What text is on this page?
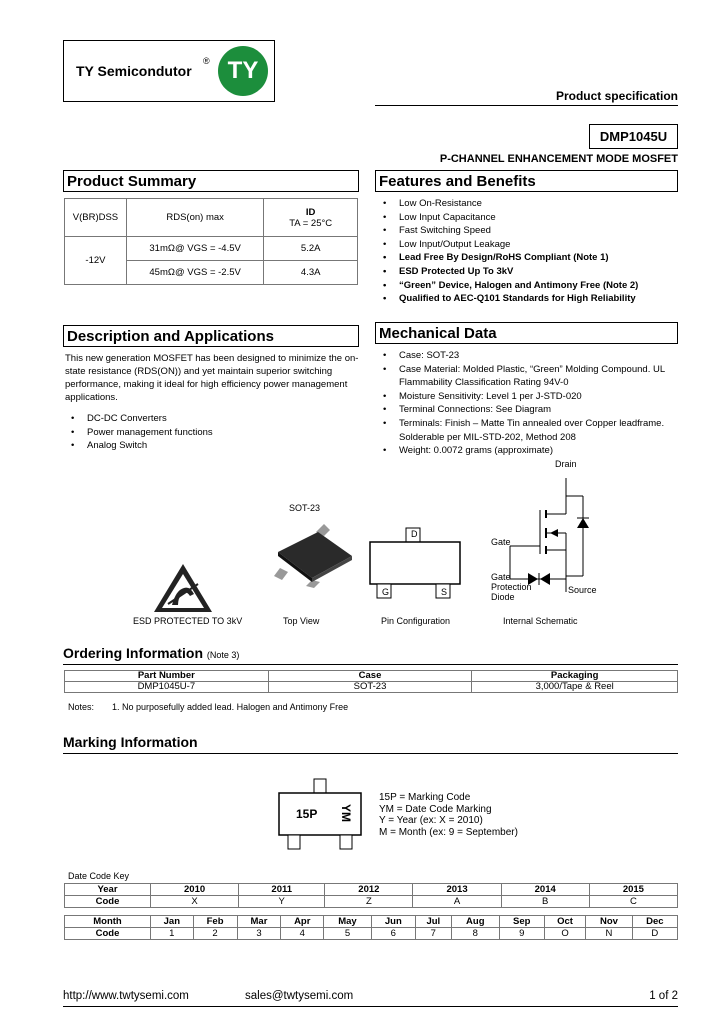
TY Semicondutor
® TY
Product specification
DMP1045U
P-CHANNEL ENHANCEMENT MODE MOSFET
Product Summary
V(BR)DSS	RDS(on) max	ID
TA = 25°C

-12V	31mΩ@ VGS = -4.5V	5.2A
	45mΩ@ VGS = -2.5V	4.3A
Features and Benefits
• Low On-Resistance
• Low Input Capacitance
• Fast Switching Speed
• Low Input/Output Leakage
• Lead Free By Design/RoHS Compliant (Note 1)
• ESD Protected Up To 3kV
• “Green” Device, Halogen and Antimony Free (Note 2)
• Qualified to AEC-Q101 Standards for High Reliability
Description and Applications
This new generation MOSFET has been designed to minimize the on-
state resistance (RDS(ON)) and yet maintain superior switching
performance, making it ideal for high efficiency power management
applications.
• DC-DC Converters
• Power management functions
• Analog Switch
Mechanical Data
• Case: SOT-23
• Case Material: Molded Plastic, “Green” Molding Compound. UL
Flammability Classification Rating 94V-0
• Moisture Sensitivity: Level 1 per J-STD-020
• Terminal Connections: See Diagram
• Terminals: Finish – Matte Tin annealed over Copper leadframe.
Solderable per MIL-STD-202, Method 208
• Weight: 0.0072 grams (approximate)
SOT-23
ESD PROTECTED TO 3kV	Top View
D
G	S
Pin Configuration
Drain
Gate
Gate
Protection
Diode
Source
Internal Schematic
Ordering Information (Note 3)
Part Number	Case	Packaging
DMP1045U-7	SOT-23	3,000/Tape & Reel
Notes: 1. No purposefully added lead. Halogen and Antimony Free
Marking Information
15P YM
15P = Marking Code
YM = Date Code Marking
Y = Year (ex: X = 2010)
M = Month (ex: 9 = September)
Date Code Key
Year	2010	2011	2012	2013	2014	2015
Code	X	Y	Z	A	B	C
Month	Jan	Feb	Mar	Apr	May	Jun	Jul	Aug	Sep	Oct	Nov	Dec
Code	1	2	3	4	5	6	7	8	9	O	N	D
http://www.twtysemi.com	sales@twtysemi.com	1 of 2
